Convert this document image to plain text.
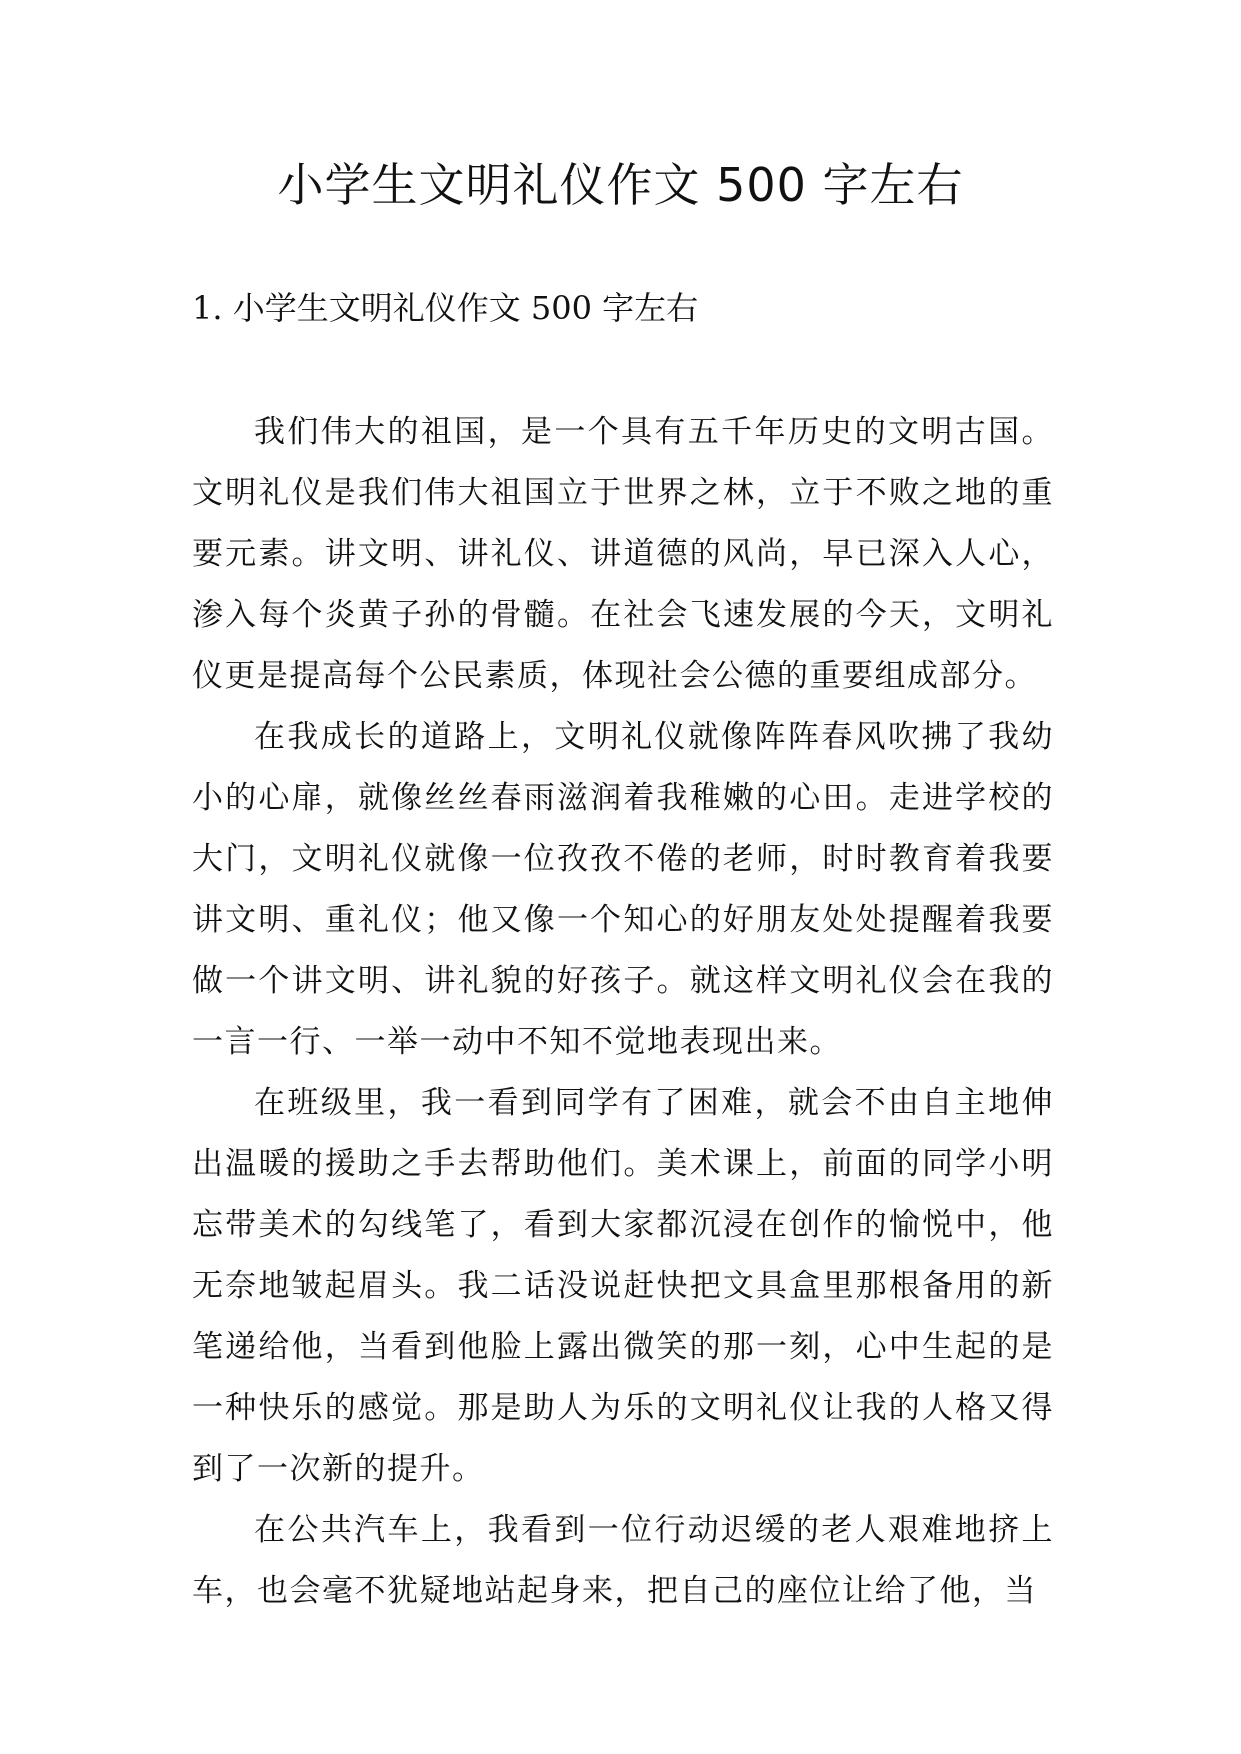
小学生文明礼仪作文 500 字左右
1. 小学生文明礼仪作文 500 字左右

我们伟大的祖国，是一个具有五千年历史的文明古国。文明礼仪是我们伟大祖国立于世界之林，立于不败之地的重要元素。讲文明、讲礼仪、讲道德的风尚，早已深入人心，渗入每个炎黄子孙的骨髓。在社会飞速发展的今天，文明礼仪更是提高每个公民素质，体现社会公德的重要组成部分。

在我成长的道路上，文明礼仪就像阵阵春风吹拂了我幼小的心扉，就像丝丝春雨滋润着我稚嫩的心田。走进学校的大门，文明礼仪就像一位孜孜不倦的老师，时时教育着我要讲文明、重礼仪；他又像一个知心的好朋友处处提醒着我要做一个讲文明、讲礼貌的好孩子。就这样文明礼仪会在我的一言一行、一举一动中不知不觉地表现出来。

在班级里，我一看到同学有了困难，就会不由自主地伸出温暖的援助之手去帮助他们。美术课上，前面的同学小明忘带美术的勾线笔了，看到大家都沉浸在创作的愉悦中，他无奈地皱起眉头。我二话没说赶快把文具盒里那根备用的新笔递给他，当看到他脸上露出微笑的那一刻，心中生起的是一种快乐的感觉。那是助人为乐的文明礼仪让我的人格又得到了一次新的提升。

在公共汽车上，我看到一位行动迟缓的老人艰难地挤上车，也会毫不犹疑地站起身来，把自己的座位让给了他，当
